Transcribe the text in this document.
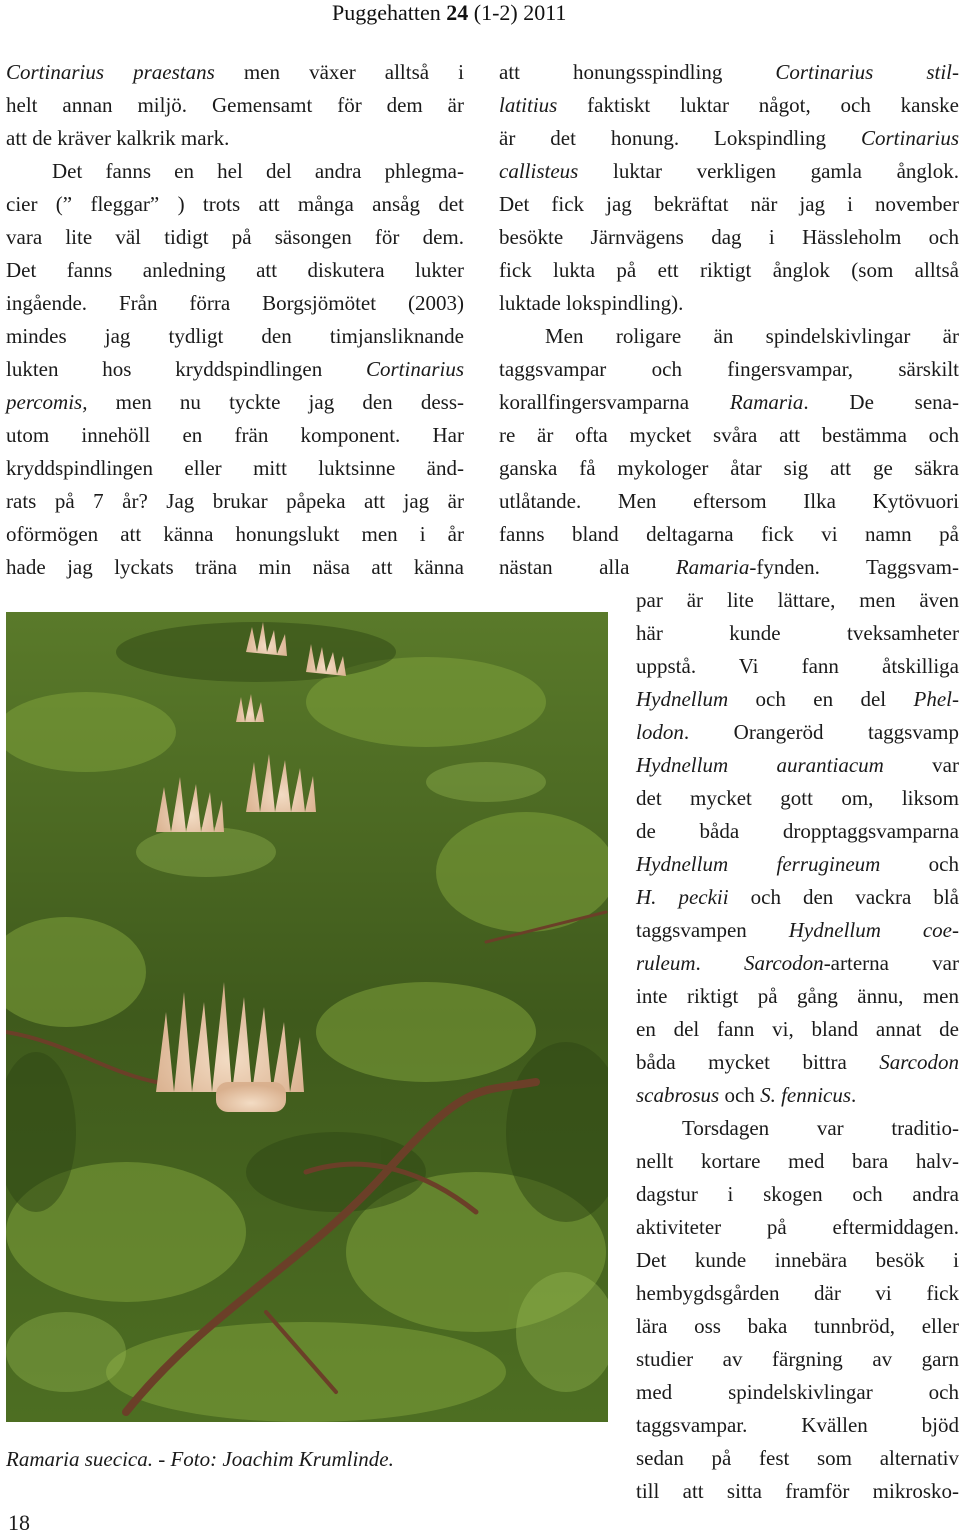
Puggehatten 24 (1-2) 2011
Cortinarius praestans men växer alltså i
helt annan miljö. Gemensamt för dem är
att de kräver kalkrik mark.
Det fanns en hel del andra phlegma-
cier (” fleggar” ) trots att många ansåg det
vara lite väl tidigt på säsongen för dem.
Det fanns anledning att diskutera lukter
ingående. Från förra Borgsjömötet (2003)
mindes jag tydligt den timjansliknande
lukten hos kryddspindlingen Cortinarius
percomis, men nu tyckte jag den dess-
utom innehöll en frän komponent. Har
kryddspindlingen eller mitt luktsinne änd-
rats på 7 år? Jag brukar påpeka att jag är
oförmögen att känna honungslukt men i år
hade jag lyckats träna min näsa att känna
att honungsspindling Cortinarius stil-
latitius faktiskt luktar något, och kanske
är det honung. Lokspindling Cortinarius
callisteus luktar verkligen gamla ånglok.
Det fick jag bekräftat när jag i november
besökte Järnvägens dag i Hässleholm och
fick lukta på ett riktigt ånglok (som alltså
luktade lokspindling).
Men roligare än spindelskivlingar är
taggsvampar och fingersvampar, särskilt
korallfingersvamparna Ramaria. De sena-
re är ofta mycket svåra att bestämma och
ganska få mykologer åtar sig att ge säkra
utlåtande. Men eftersom Ilka Kytövuori
fanns bland deltagarna fick vi namn på
nästan alla Ramaria-fynden. Taggsvam-
par är lite lättare, men även
här kunde tveksamheter
uppstå. Vi fann åtskilliga
Hydnellum och en del Phel-
lodon. Orangeröd taggsvamp
Hydnellum aurantiacum var
det mycket gott om, liksom
de båda dropptaggsvamparna
Hydnellum ferrugineum och
H. peckii och den vackra blå
taggsvampen Hydnellum coe-
ruleum. Sarcodon-arterna var
inte riktigt på gång ännu, men
en del fann vi, bland annat de
båda mycket bittra Sarcodon
scabrosus och S. fennicus.
Torsdagen var traditio-
nellt kortare med bara halv-
dagstur i skogen och andra
aktiviteter på eftermiddagen.
Det kunde innebära besök i
hembygdsgården där vi fick
lära oss baka tunnbröd, eller
studier av färgning av garn
med spindelskivlingar och
taggsvampar. Kvällen bjöd
sedan på fest som alternativ
till att sitta framför mikrosko-
Ramaria suecica. - Foto: Joachim Krumlinde.
18
